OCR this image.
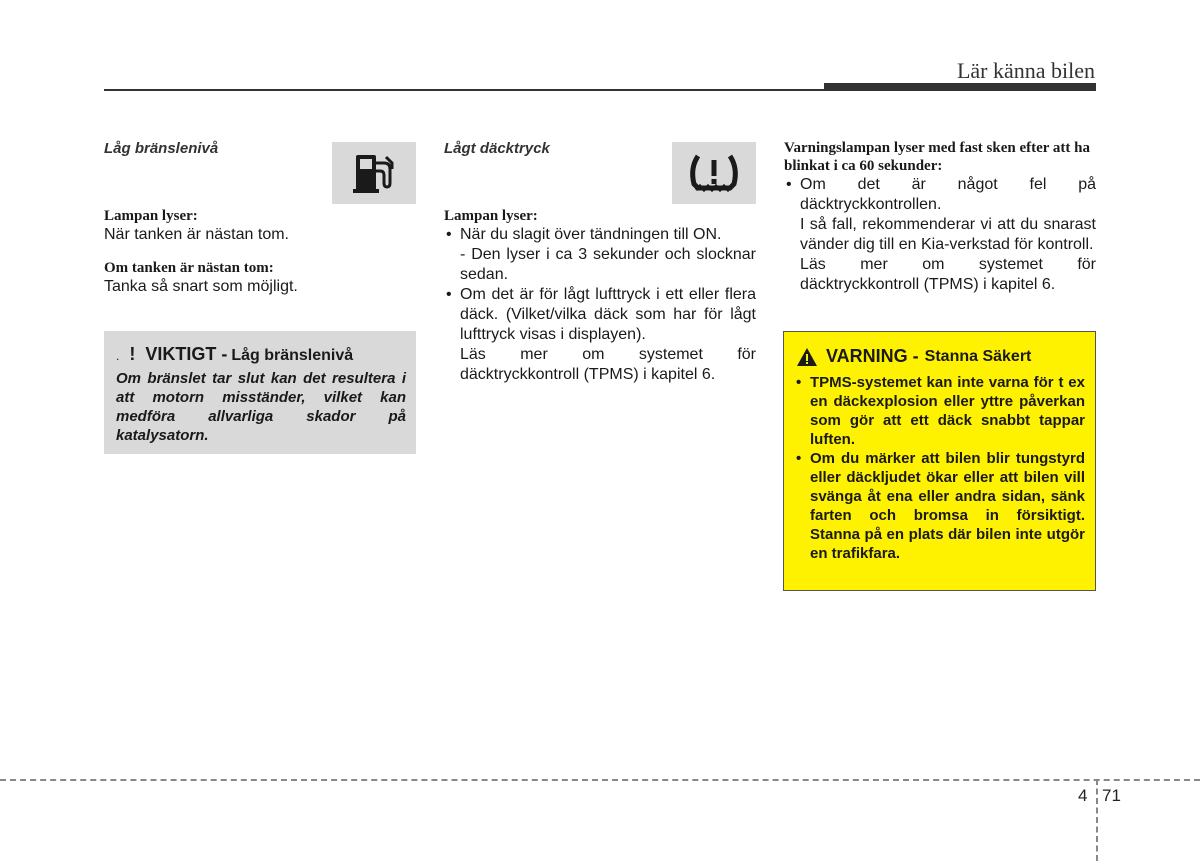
Lär känna bilen

Låg bränslenivå

Lampan lyser:

När tanken är nästan tom.

Om tanken är nästan tom:

Tanka så snart som möjligt.

. ! VIKTIGT - Låg bränslenivå

Om bränslet tar slut kan det resultera i att motorn misständer, vilket kan medföra allvarliga skador på katalysatorn.

Lågt däcktryck

Lampan lyser:

• När du slagit över tändningen till ON.

- Den lyser i ca 3 sekunder och slocknar sedan.

• Om det är för lågt lufttryck i ett eller flera däck. (Vilket/vilka däck som har för lågt lufttryck visas i displayen).

Läs mer om systemet för däcktryckkontroll (TPMS) i kapitel 6.

Varningslampan lyser med fast sken efter att ha blinkat i ca 60 sekunder:

• Om det är något fel på däcktryckkontrollen.

I så fall, rekommenderar vi att du snarast vänder dig till en Kia-verkstad för kontroll.

Läs mer om systemet för däcktryckkontroll (TPMS) i kapitel 6.

VARNING - Stanna Säkert
• TPMS-systemet kan inte varna för t ex en däckexplosion eller yttre påverkan som gör att ett däck snabbt tappar luften.
• Om du märker att bilen blir tungstyrd eller däckljudet ökar eller att bilen vill svänga åt ena eller andra sidan, sänk farten och bromsa in försiktigt. Stanna på en plats där bilen inte utgör en trafikfara.
4 71
